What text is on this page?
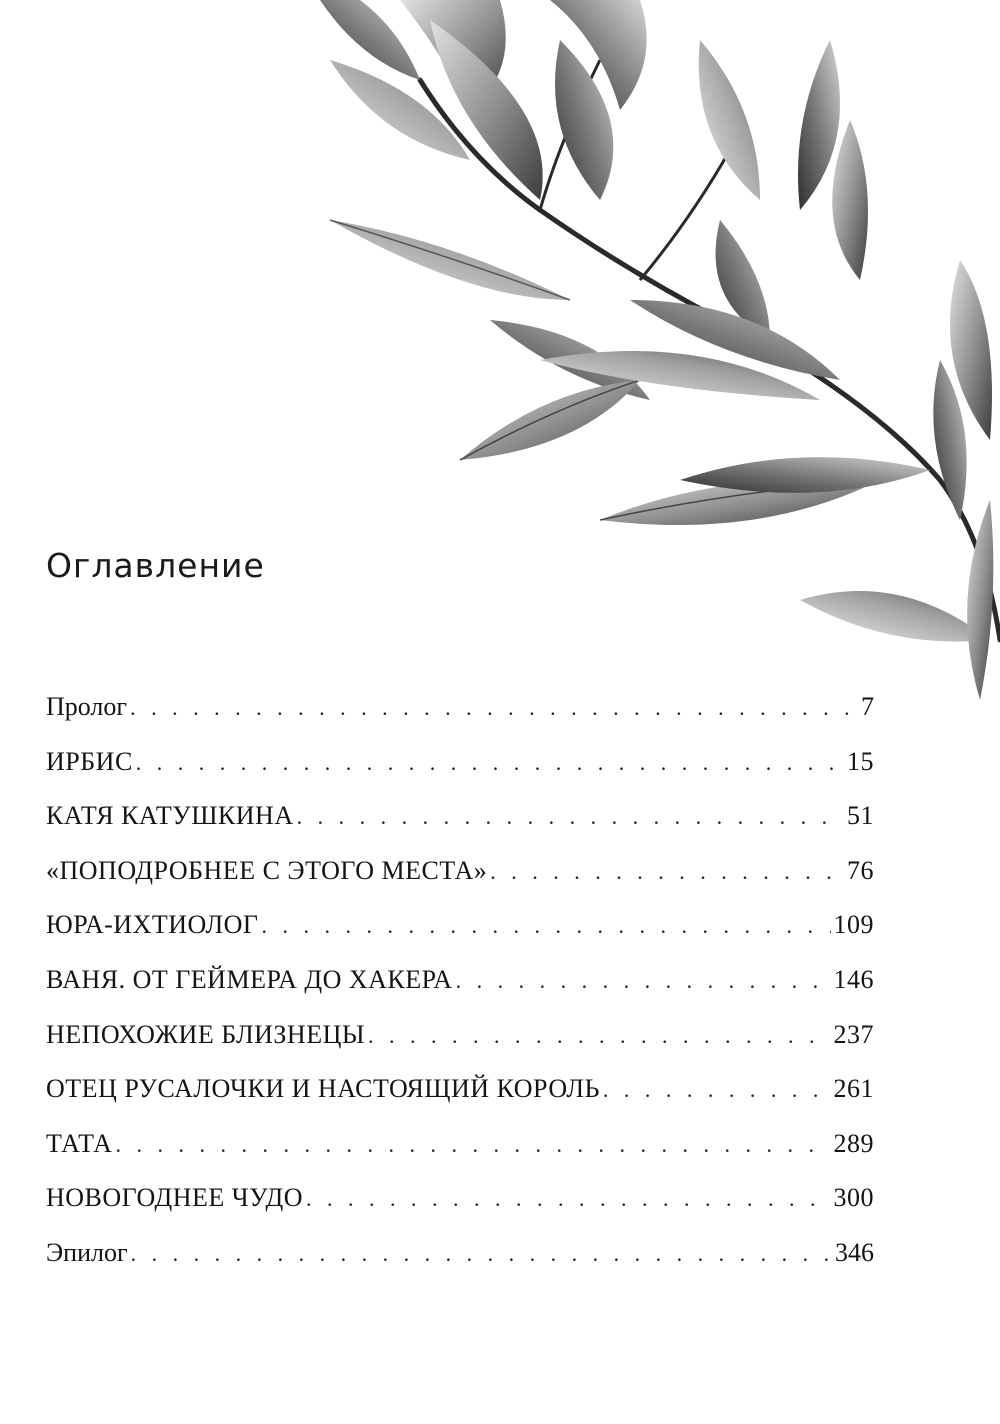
Оглавление
Пролог . . .	7
ИРБИС . . .	15
КАТЯ КАТУШКИНА . . .	51
«ПОПОДРОБНЕЕ С ЭТОГО МЕСТА» . . .	76
ЮРА-ИХТИОЛОГ . . .	109
ВАНЯ. ОТ ГЕЙМЕРА ДО ХАКЕРА . . .	146
НЕПОХОЖИЕ БЛИЗНЕЦЫ . . .	237
ОТЕЦ РУСАЛОЧКИ И НАСТОЯЩИЙ КОРОЛЬ . . .	261
ТАТА . . .	289
НОВОГОДНЕЕ ЧУДО . . .	300
Эпилог . . .	346
